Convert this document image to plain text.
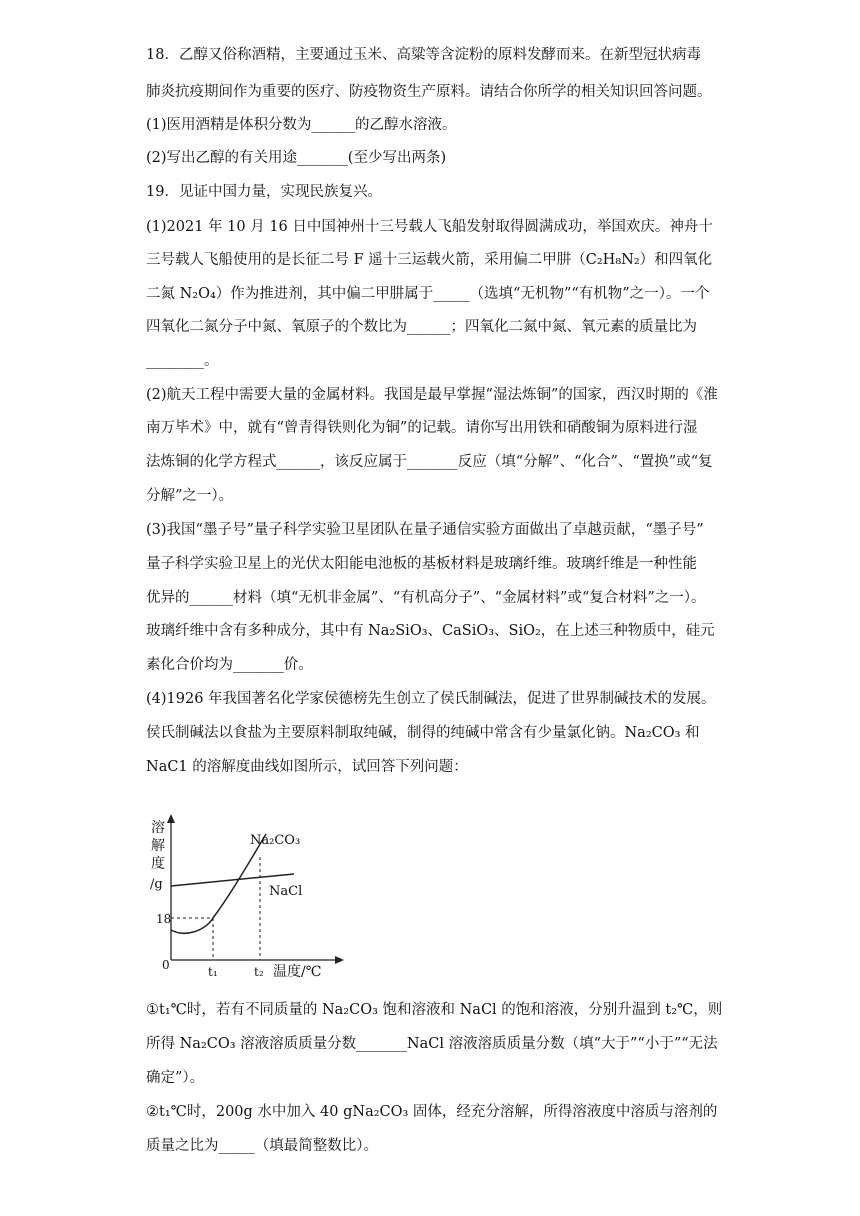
18．乙醇又俗称酒精，主要通过玉米、高粱等含淀粉的原料发酵而来。在新型冠状病毒
肺炎抗疫期间作为重要的医疗、防疫物资生产原料。请结合你所学的相关知识回答问题。
(1)医用酒精是体积分数为______的乙醇水溶液。
(2)写出乙醇的有关用途_______(至少写出两条)
19．见证中国力量，实现民族复兴。
(1)2021 年 10 月 16 日中国神州十三号载人飞船发射取得圆满成功，举国欢庆。神舟十
三号载人飞船使用的是长征二号 F 遥十三运载火箭，采用偏二甲肼（C₂H₈N₂）和四氧化
二氮 N₂O₄）作为推进剂，其中偏二甲肼属于_____（选填“无机物”“有机物”之一）。一个
四氧化二氮分子中氮、氧原子的个数比为______；四氧化二氮中氮、氧元素的质量比为
________。
(2)航天工程中需要大量的金属材料。我国是最早掌握“湿法炼铜”的国家，西汉时期的《淮
南万毕术》中，就有“曾青得铁则化为铜”的记载。请你写出用铁和硝酸铜为原料进行湿
法炼铜的化学方程式______，该反应属于_______反应（填“分解”、“化合”、“置换”或“复
分解”之一）。
(3)我国“墨子号”量子科学实验卫星团队在量子通信实验方面做出了卓越贡献，“墨子号”
量子科学实验卫星上的光伏太阳能电池板的基板材料是玻璃纤维。玻璃纤维是一种性能
优异的______材料（填“无机非金属”、“有机高分子”、“金属材料”或“复合材料”之一）。
玻璃纤维中含有多种成分，其中有 Na₂SiO₃、CaSiO₃、SiO₂，在上述三种物质中，硅元
素化合价均为_______价。
(4)1926 年我国著名化学家侯德榜先生创立了侯氏制碱法，促进了世界制碱技术的发展。
侯氏制碱法以食盐为主要原料制取纯碱，制得的纯碱中常含有少量氯化钠。Na₂CO₃ 和
NaC1 的溶解度曲线如图所示，试回答下列问题：
溶
解
度
/g
18
0	t₁	t₂ 温度/℃
NaCl
Na₂CO₃
①t₁℃时，若有不同质量的 Na₂CO₃ 饱和溶液和 NaCl 的饱和溶液，分别升温到 t₂℃，则
所得 Na₂CO₃ 溶液溶质质量分数_______NaCl 溶液溶质质量分数（填“大于”“小于”“无法
确定”）。
②t₁℃时，200g 水中加入 40 gNa₂CO₃ 固体，经充分溶解，所得溶液度中溶质与溶剂的
质量之比为_____（填最简整数比）。
